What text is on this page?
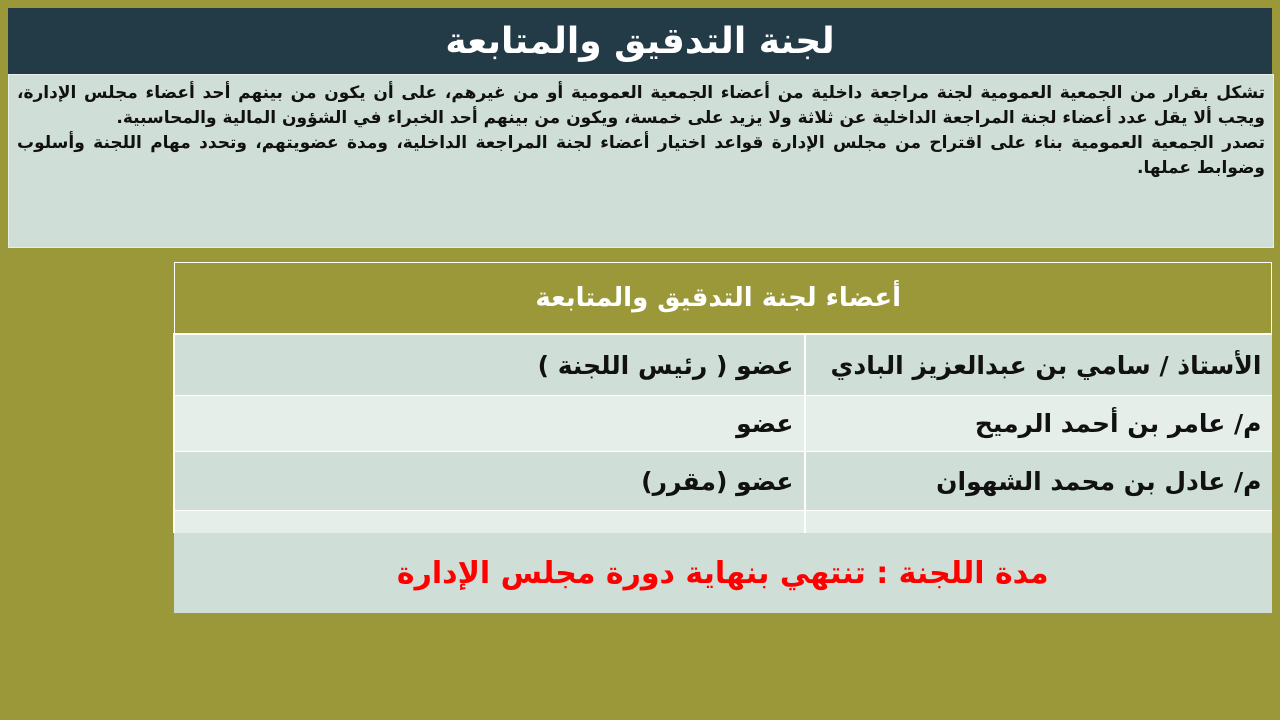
لجنة التدقيق والمتابعة

تشكل بقرار من الجمعية العمومية لجنة مراجعة داخلية من أعضاء الجمعية العمومية أو من غيرهم، على أن يكون من بينهم أحد أعضاء مجلس الإدارة، ويجب ألا يقل عدد أعضاء لجنة المراجعة الداخلية عن ثلاثة ولا يزيد على خمسة، ويكون من بينهم أحد الخبراء في الشؤون المالية والمحاسبية.

تصدر الجمعية العمومية بناء على اقتراح من مجلس الإدارة قواعد اختيار أعضاء لجنة المراجعة الداخلية، ومدة عضويتهم، وتحدد مهام اللجنة وأسلوب وضوابط عملها.

أعضاء لجنة التدقيق والمتابعة	
الأستاذ / سامي بن عبدالعزيز البادي	عضو ( رئيس اللجنة )
م/ عامر بن أحمد الرميح	عضو
م/ عادل بن محمد الشهوان	عضو (مقرر)

مدة اللجنة : تنتهي بنهاية دورة مجلس الإدارة	
